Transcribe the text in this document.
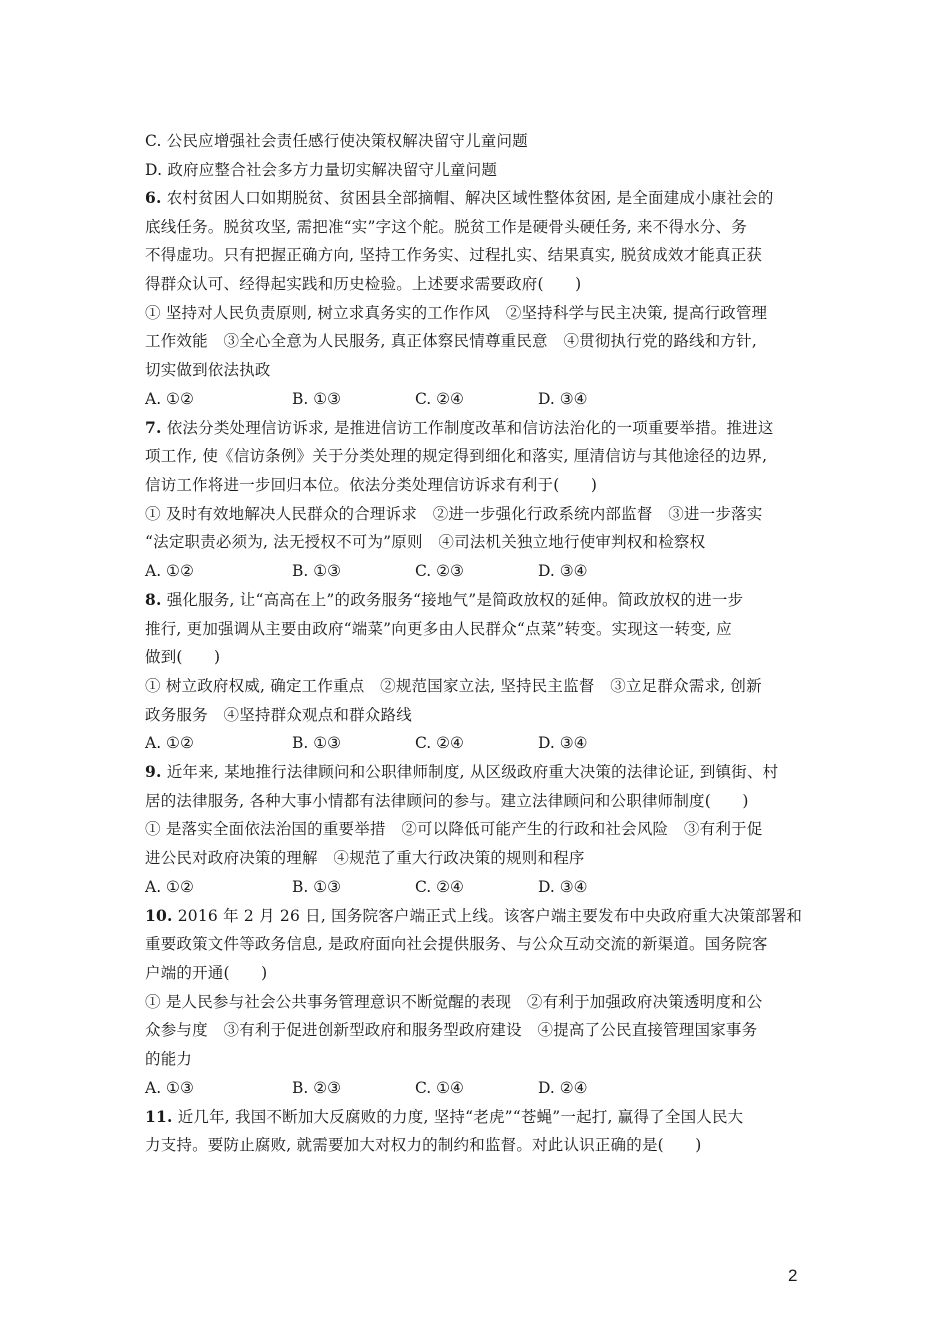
C. 公民应增强社会责任感行使决策权解决留守儿童问题
D. 政府应整合社会多方力量切实解决留守儿童问题
6. 农村贫困人口如期脱贫、贫困县全部摘帽、解决区域性整体贫困, 是全面建成小康社会的
底线任务。脱贫攻坚, 需把准“实”字这个舵。脱贫工作是硬骨头硬任务, 来不得水分、务
不得虚功。只有把握正确方向, 坚持工作务实、过程扎实、结果真实, 脱贫成效才能真正获
得群众认可、经得起实践和历史检验。上述要求需要政府(　　)
① 坚持对人民负责原则, 树立求真务实的工作作风　②坚持科学与民主决策, 提高行政管理
工作效能　③全心全意为人民服务, 真正体察民情尊重民意　④贯彻执行党的路线和方针,
切实做到依法执政
A. ①②	B. ①③	C. ②④	D. ③④
7. 依法分类处理信访诉求, 是推进信访工作制度改革和信访法治化的一项重要举措。推进这
项工作, 使《信访条例》关于分类处理的规定得到细化和落实, 厘清信访与其他途径的边界,
信访工作将进一步回归本位。依法分类处理信访诉求有利于(　　)
① 及时有效地解决人民群众的合理诉求　②进一步强化行政系统内部监督　③进一步落实
“法定职责必须为, 法无授权不可为”原则　④司法机关独立地行使审判权和检察权
A. ①②	B. ①③	C. ②③	D. ③④
8. 强化服务, 让“高高在上”的政务服务“接地气”是简政放权的延伸。简政放权的进一步
推行, 更加强调从主要由政府“端菜”向更多由人民群众“点菜”转变。实现这一转变, 应
做到(　　)
① 树立政府权威, 确定工作重点　②规范国家立法, 坚持民主监督　③立足群众需求, 创新
政务服务　④坚持群众观点和群众路线
A. ①②	B. ①③	C. ②④	D. ③④
9. 近年来, 某地推行法律顾问和公职律师制度, 从区级政府重大决策的法律论证, 到镇街、村
居的法律服务, 各种大事小情都有法律顾问的参与。建立法律顾问和公职律师制度(　　)
① 是落实全面依法治国的重要举措　②可以降低可能产生的行政和社会风险　③有利于促
进公民对政府决策的理解　④规范了重大行政决策的规则和程序
A. ①②	B. ①③	C. ②④	D. ③④
10. 2016 年 2 月 26 日, 国务院客户端正式上线。该客户端主要发布中央政府重大决策部署和
重要政策文件等政务信息, 是政府面向社会提供服务、与公众互动交流的新渠道。国务院客
户端的开通(　　)
① 是人民参与社会公共事务管理意识不断觉醒的表现　②有利于加强政府决策透明度和公
众参与度　③有利于促进创新型政府和服务型政府建设　④提高了公民直接管理国家事务
的能力
A. ①③	B. ②③	C. ①④	D. ②④
11. 近几年, 我国不断加大反腐败的力度, 坚持“老虎”“苍蝇”一起打, 赢得了全国人民大
力支持。要防止腐败, 就需要加大对权力的制约和监督。对此认识正确的是(　　)
2
